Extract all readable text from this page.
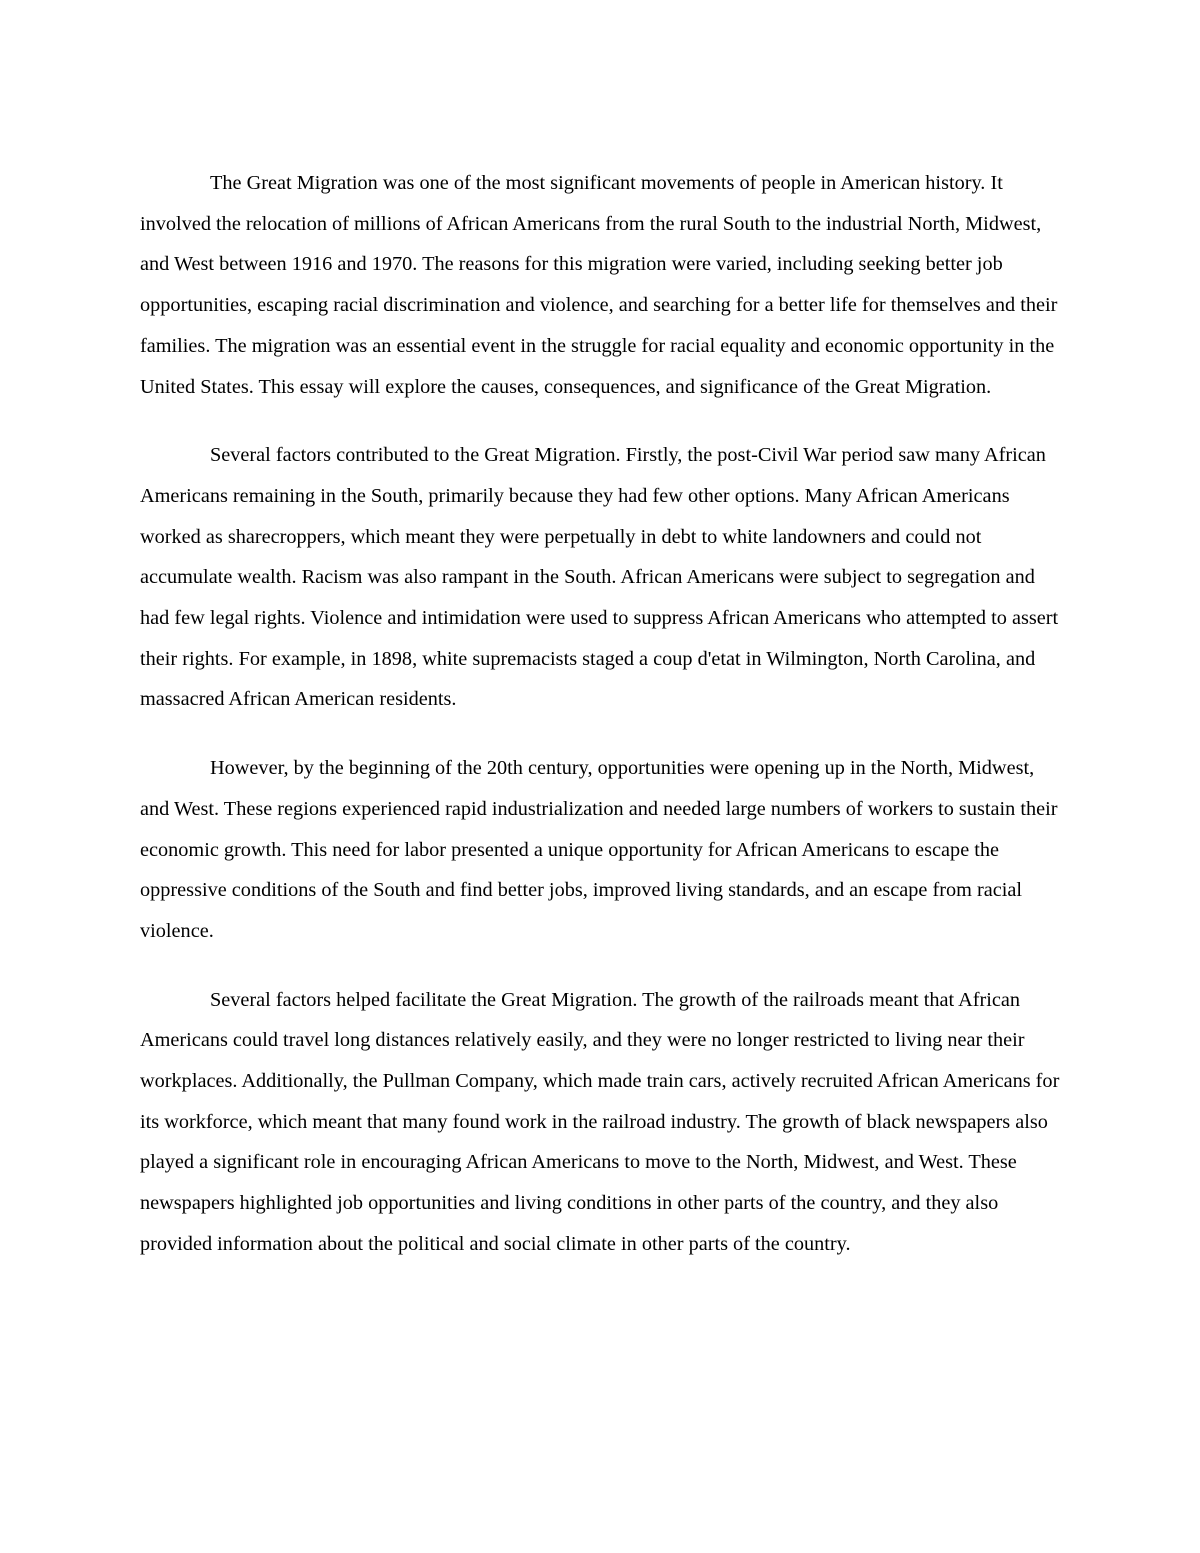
The Great Migration was one of the most significant movements of people in American history. It involved the relocation of millions of African Americans from the rural South to the industrial North, Midwest, and West between 1916 and 1970. The reasons for this migration were varied, including seeking better job opportunities, escaping racial discrimination and violence, and searching for a better life for themselves and their families. The migration was an essential event in the struggle for racial equality and economic opportunity in the United States. This essay will explore the causes, consequences, and significance of the Great Migration.

Several factors contributed to the Great Migration. Firstly, the post-Civil War period saw many African Americans remaining in the South, primarily because they had few other options. Many African Americans worked as sharecroppers, which meant they were perpetually in debt to white landowners and could not accumulate wealth. Racism was also rampant in the South. African Americans were subject to segregation and had few legal rights. Violence and intimidation were used to suppress African Americans who attempted to assert their rights. For example, in 1898, white supremacists staged a coup d'etat in Wilmington, North Carolina, and massacred African American residents.

However, by the beginning of the 20th century, opportunities were opening up in the North, Midwest, and West. These regions experienced rapid industrialization and needed large numbers of workers to sustain their economic growth. This need for labor presented a unique opportunity for African Americans to escape the oppressive conditions of the South and find better jobs, improved living standards, and an escape from racial violence.

Several factors helped facilitate the Great Migration. The growth of the railroads meant that African Americans could travel long distances relatively easily, and they were no longer restricted to living near their workplaces. Additionally, the Pullman Company, which made train cars, actively recruited African Americans for its workforce, which meant that many found work in the railroad industry. The growth of black newspapers also played a significant role in encouraging African Americans to move to the North, Midwest, and West. These newspapers highlighted job opportunities and living conditions in other parts of the country, and they also provided information about the political and social climate in other parts of the country.
